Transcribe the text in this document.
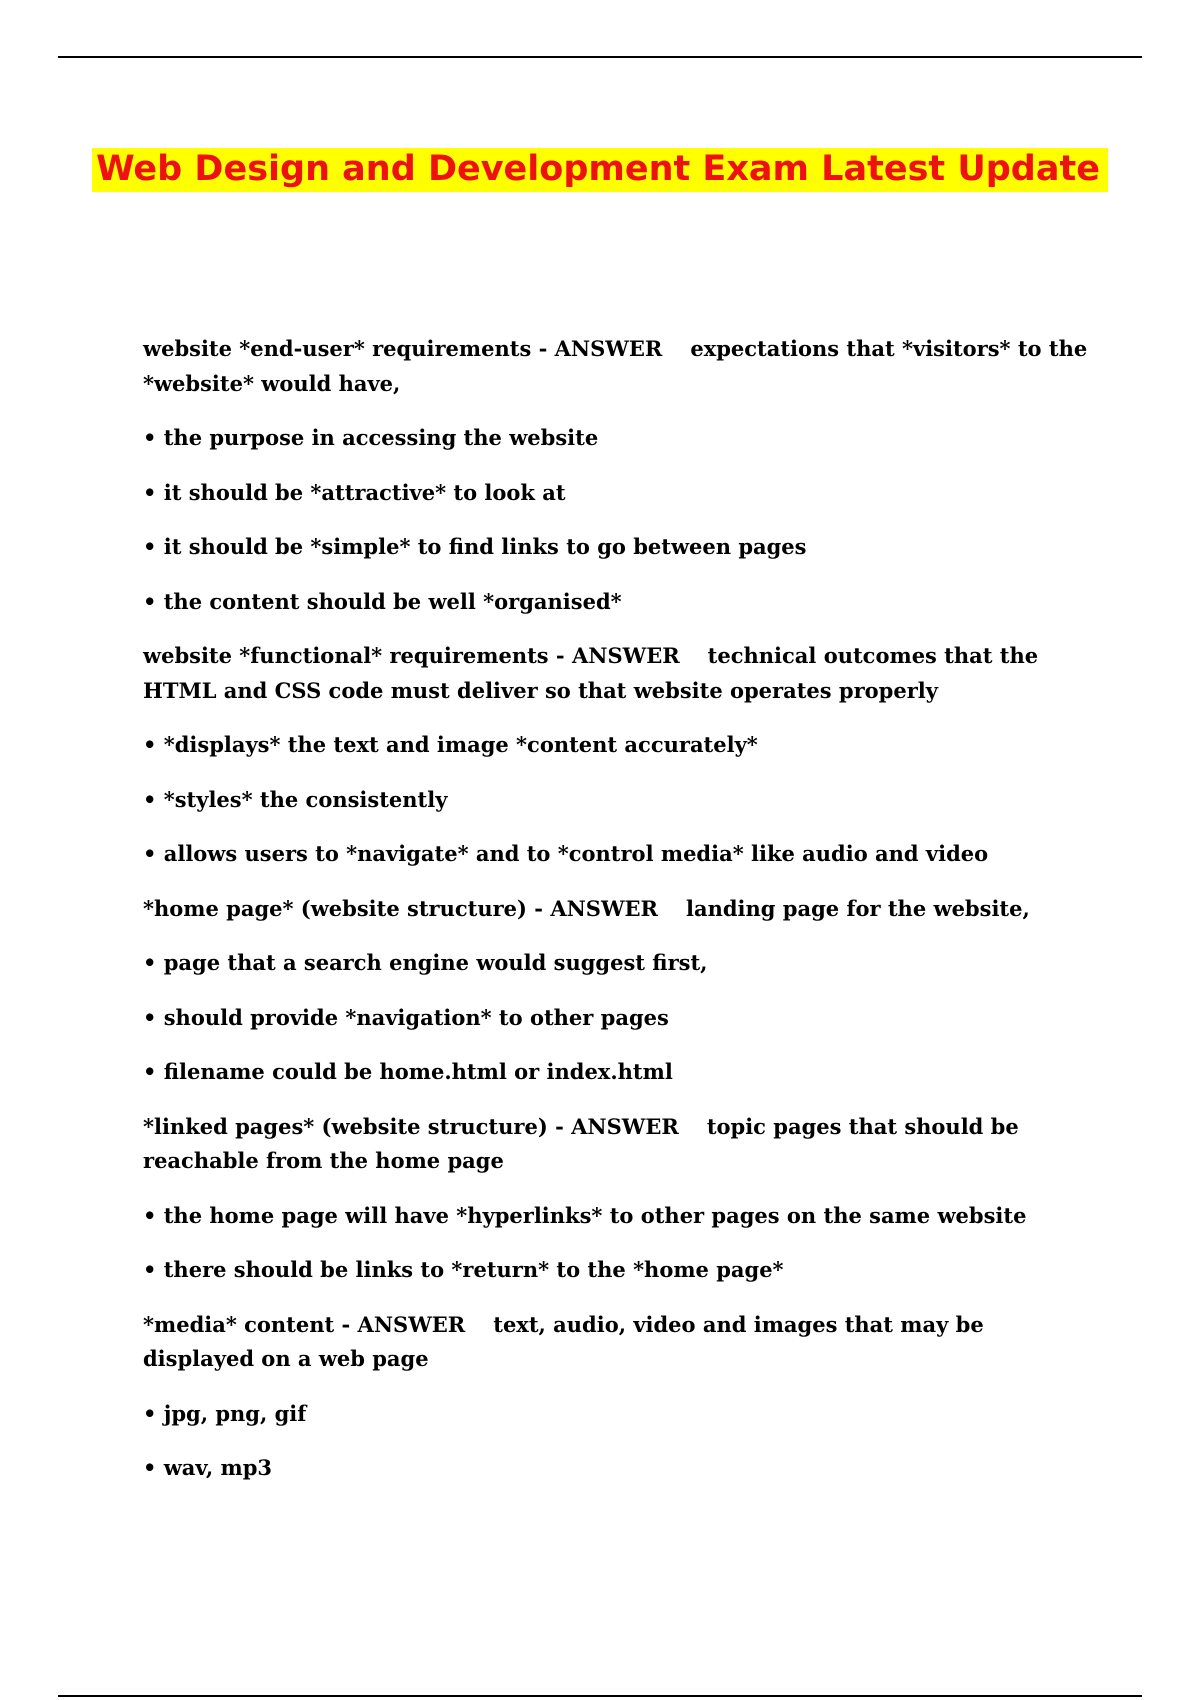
Web Design and Development Exam Latest Update

website *end-user* requirements - ANSWER expectations that *visitors* to the *website* would have,

• the purpose in accessing the website

• it should be *attractive* to look at

• it should be *simple* to find links to go between pages

• the content should be well *organised*

website *functional* requirements - ANSWER technical outcomes that the HTML and CSS code must deliver so that website operates properly

• *displays* the text and image *content accurately*

• *styles* the consistently

• allows users to *navigate* and to *control media* like audio and video

*home page* (website structure) - ANSWER landing page for the website,

• page that a search engine would suggest first,

• should provide *navigation* to other pages

• filename could be home.html or index.html

*linked pages* (website structure) - ANSWER topic pages that should be reachable from the home page

• the home page will have *hyperlinks* to other pages on the same website

• there should be links to *return* to the *home page*

*media* content - ANSWER text, audio, video and images that may be displayed on a web page

• jpg, png, gif

• wav, mp3
